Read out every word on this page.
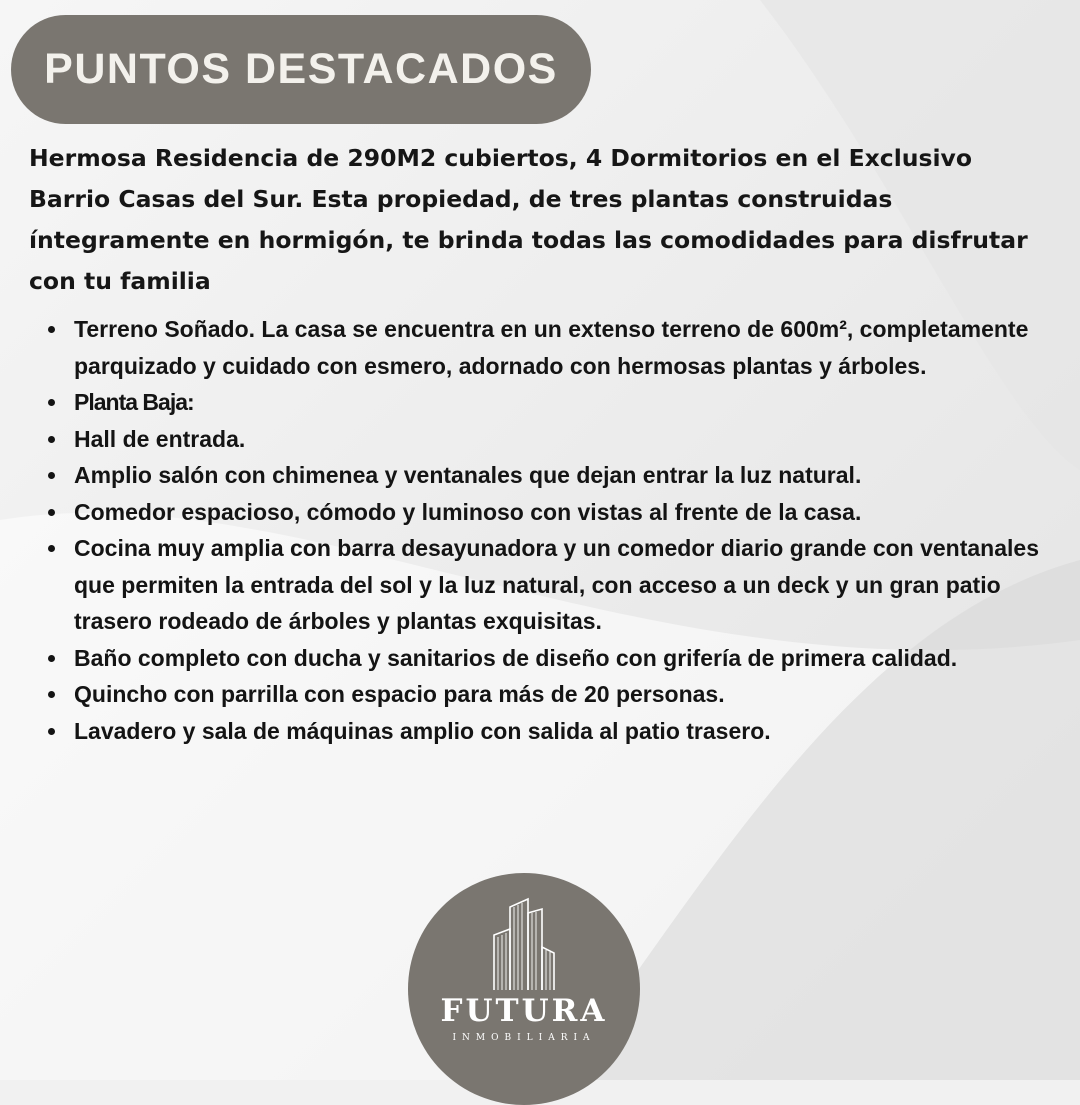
PUNTOS DESTACADOS

Hermosa Residencia de 290M2 cubiertos, 4 Dormitorios en el Exclusivo Barrio Casas del Sur. Esta propiedad, de tres plantas construidas íntegramente en hormigón, te brinda todas las comodidades para disfrutar con tu familia

Terreno Soñado. La casa se encuentra en un extenso terreno de 600m², completamente parquizado y cuidado con esmero, adornado con hermosas plantas y árboles.
Planta Baja:
Hall de entrada.
Amplio salón con chimenea y ventanales que dejan entrar la luz natural.
Comedor espacioso, cómodo y luminoso con vistas al frente de la casa.
Cocina muy amplia con barra desayunadora y un comedor diario grande con ventanales que permiten la entrada del sol y la luz natural, con acceso a un deck y un gran patio trasero rodeado de árboles y plantas exquisitas.
Baño completo con ducha y sanitarios de diseño con grifería de primera calidad.
Quincho con parrilla con espacio para más de 20 personas.
Lavadero y sala de máquinas amplio con salida al patio trasero.
FUTURA
INMOBILIARIA
